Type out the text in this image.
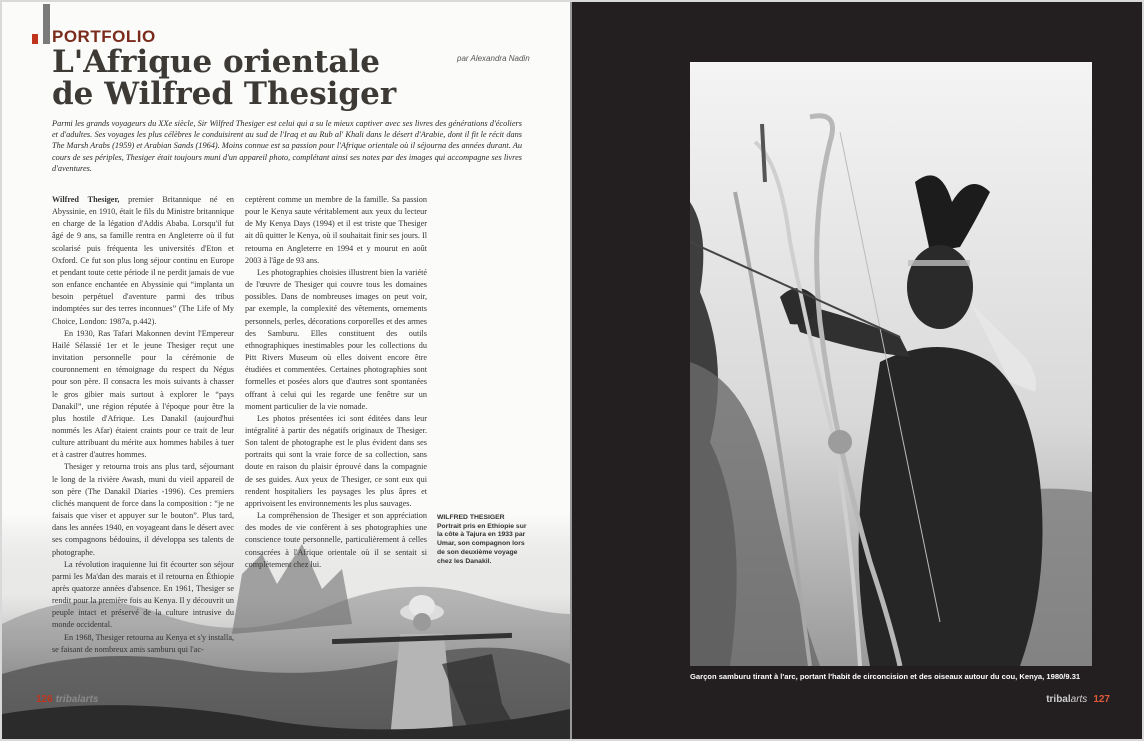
PORTFOLIO
L'Afrique orientale de Wilfred Thesiger
par Alexandra Nadin
Parmi les grands voyageurs du XXe siècle, Sir Wilfred Thesiger est celui qui a su le mieux captiver avec ses livres des générations d'écoliers et d'adultes. Ses voyages les plus célèbres le conduisirent au sud de l'Iraq et au Rub al' Khali dans le désert d'Arabie, dont il fit le récit dans The Marsh Arabs (1959) et Arabian Sands (1964). Moins connue est sa passion pour l'Afrique orientale où il séjourna des années durant. Au cours de ses périples, Thesiger était toujours muni d'un appareil photo, complétant ainsi ses notes par des images qui accompagne ses livres d'aventures.

Wilfred Thesiger, premier Britannique né en Abyssinie, en 1910, était le fils du Ministre britannique en charge de la légation d'Addis Ababa. Lorsqu'il fut âgé de 9 ans, sa famille rentra en Angleterre où il fut scolarisé puis fréquenta les universités d'Eton et Oxford. Ce fut son plus long séjour continu en Europe et pendant toute cette période il ne perdit jamais de vue son enfance enchantée en Abyssinie qui “implanta un besoin perpétuel d'aventure parmi des tribus indomptées sur des terres inconnues” (The Life of My Choice, London: 1987a, p.442).

En 1930, Ras Tafari Makonnen devint l'Empereur Hailé Sélassié 1er et le jeune Thesiger reçut une invitation personnelle pour la cérémonie de couronnement en témoignage du respect du Négus pour son père. Il consacra les mois suivants à chasser le gros gibier mais surtout à explorer le “pays Danakil”, une région réputée à l'époque pour être la plus hostile d'Afrique. Les Danakil (aujourd'hui nommés les Afar) étaient craints pour ce trait de leur culture attribuant du mérite aux hommes habiles à tuer et à castrer d'autres hommes.

Thesiger y retourna trois ans plus tard, séjournant le long de la rivière Awash, muni du vieil appareil de son père (The Danakil Diaries -1996). Ces premiers clichés manquent de force dans la composition : “je ne faisais que viser et appuyer sur le bouton”. Plus tard, dans les années 1940, en voyageant dans le désert avec ses compagnons bédouins, il développa ses talents de photographe.

La révolution iraquienne lui fit écourter son séjour parmi les Ma'dan des marais et il retourna en Éthiopie après quatorze années d'absence. En 1961, Thesiger se rendit pour la première fois au Kenya. Il y découvrit un peuple intact et préservé de la culture intrusive du monde occidental.

En 1968, Thesiger retourna au Kenya et s'y installa, se faisant de nombreux amis samburu qui l'ac-

ceptèrent comme un membre de la famille. Sa passion pour le Kenya saute véritablement aux yeux du lecteur de My Kenya Days (1994) et il est triste que Thesiger ait dû quitter le Kenya, où il souhaitait finir ses jours. Il retourna en Angleterre en 1994 et y mourut en août 2003 à l'âge de 93 ans.

Les photographies choisies illustrent bien la variété de l'œuvre de Thesiger qui couvre tous les domaines possibles. Dans de nombreuses images on peut voir, par exemple, la complexité des vêtements, ornements personnels, perles, décorations corporelles et des armes des Samburu. Elles constituent des outils ethnographiques inestimables pour les collections du Pitt Rivers Museum où elles doivent encore être étudiées et commentées. Certaines photographies sont formelles et posées alors que d'autres sont spontanées offrant à celui qui les regarde une fenêtre sur un moment particulier de la vie nomade.

Les photos présentées ici sont éditées dans leur intégralité à partir des négatifs originaux de Thesiger. Son talent de photographe est le plus évident dans ses portraits qui sont la vraie force de sa collection, sans doute en raison du plaisir éprouvé dans la compagnie de ses guides. Aux yeux de Thesiger, ce sont eux qui rendent hospitaliers les paysages les plus âpres et apprivoisent les environnements les plus sauvages.

La compréhension de Thesiger et son appréciation des modes de vie confèrent à ses photographies une conscience toute personnelle, particulièrement à celles consacrées à l'Afrique orientale où il se sentait si complètement chez lui.

WILFRED THESIGER
Portrait pris en Ethiopie sur la côte à Tajura en 1933 par Umar, son compagnon lors de son deuxième voyage chez les Danakil.
126 tribalarts
Garçon samburu tirant à l'arc, portant l'habit de circoncision et des oiseaux autour du cou, Kenya, 1980/9.31
tribalarts 127
